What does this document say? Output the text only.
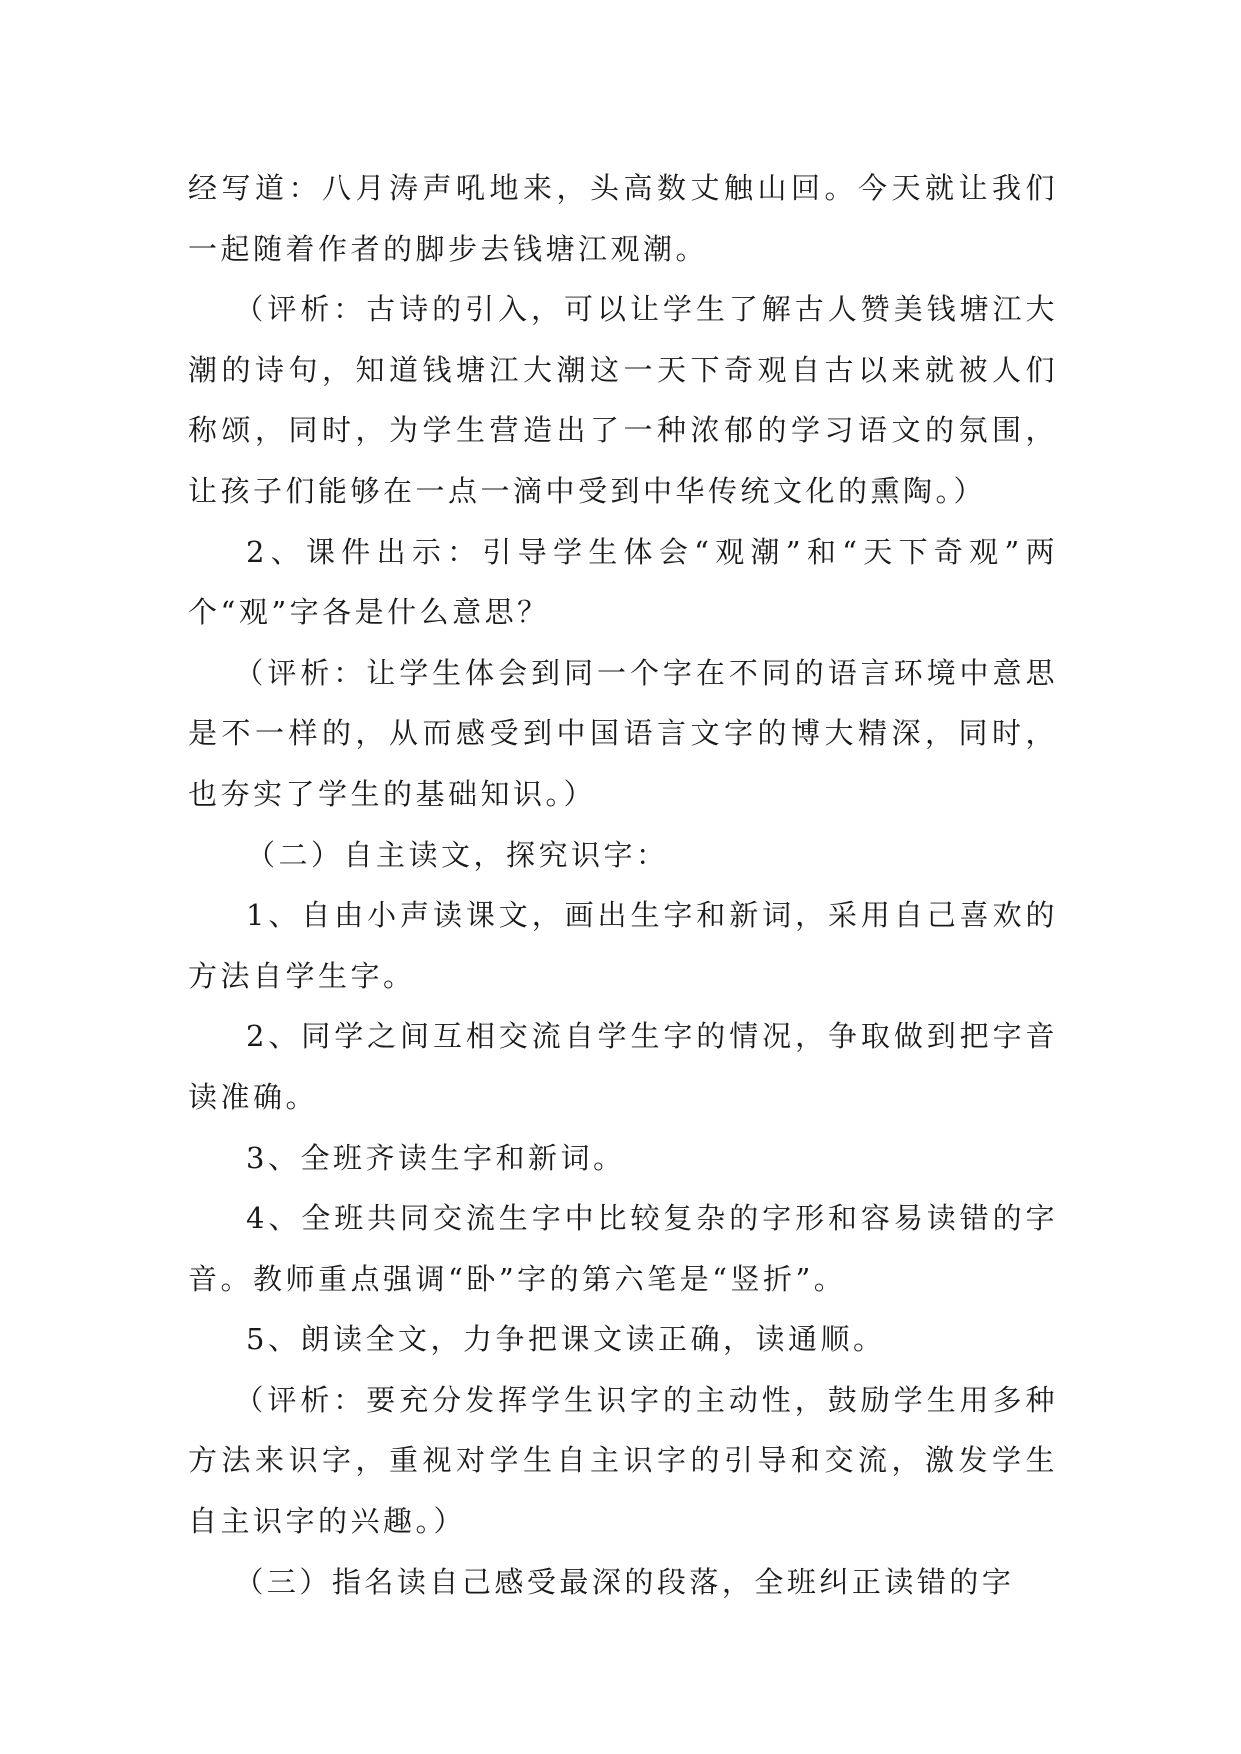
经写道：八月涛声吼地来，头高数丈触山回。今天就让我们一起随着作者的脚步去钱塘江观潮。

（评析：古诗的引入，可以让学生了解古人赞美钱塘江大潮的诗句，知道钱塘江大潮这一天下奇观自古以来就被人们称颂，同时，为学生营造出了一种浓郁的学习语文的氛围，让孩子们能够在一点一滴中受到中华传统文化的熏陶。）

2、课件出示：引导学生体会“观潮”和“天下奇观”两个“观”字各是什么意思？

（评析：让学生体会到同一个字在不同的语言环境中意思是不一样的，从而感受到中国语言文字的博大精深，同时，也夯实了学生的基础知识。）

（二）自主读文，探究识字：

1、自由小声读课文，画出生字和新词，采用自己喜欢的方法自学生字。

2、同学之间互相交流自学生字的情况，争取做到把字音读准确。

3、全班齐读生字和新词。

4、全班共同交流生字中比较复杂的字形和容易读错的字音。教师重点强调“卧”字的第六笔是“竖折”。

5、朗读全文，力争把课文读正确，读通顺。

（评析：要充分发挥学生识字的主动性，鼓励学生用多种方法来识字，重视对学生自主识字的引导和交流，激发学生自主识字的兴趣。）

（三）指名读自己感受最深的段落，全班纠正读错的字
